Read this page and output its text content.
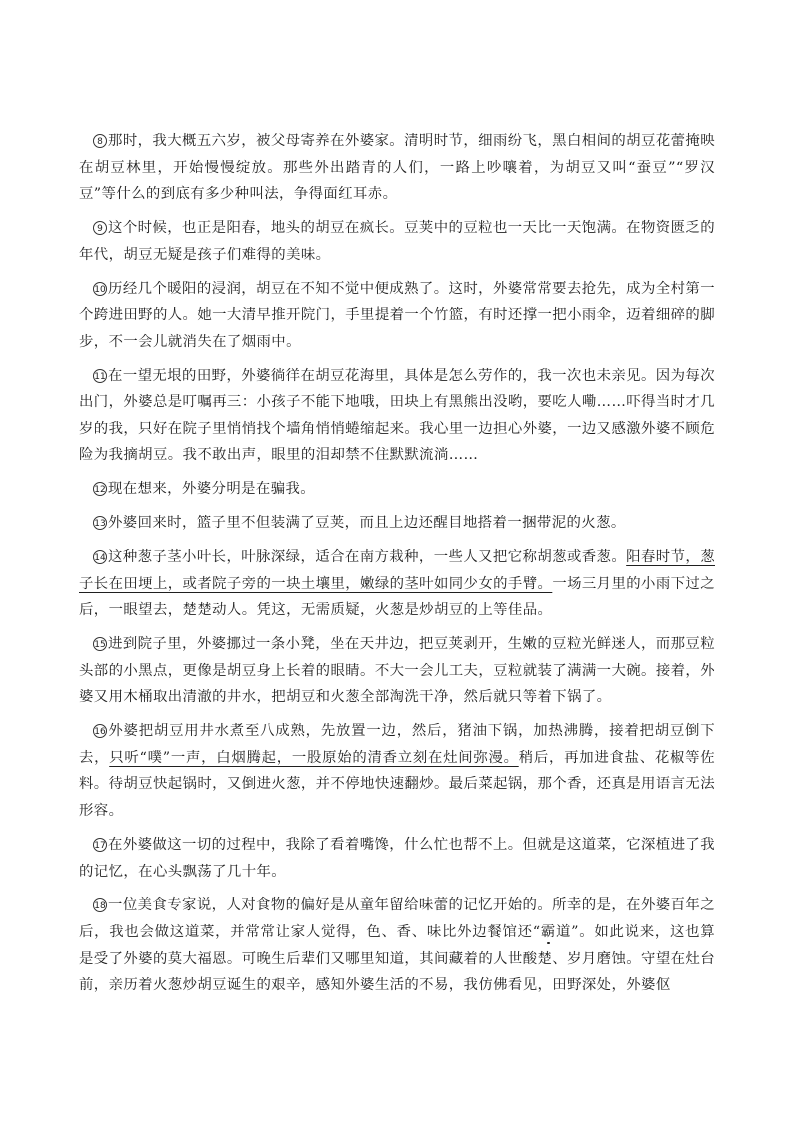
8 那时，我大概五六岁，被父母寄养在外婆家。清明时节，细雨纷飞，黑白相间的胡豆花蕾掩映在胡豆林里，开始慢慢绽放。那些外出踏青的人们，一路上吵嚷着，为胡豆又叫“蚕豆”“罗汉豆”等什么的到底有多少种叫法，争得面红耳赤。

9 这个时候，也正是阳春，地头的胡豆在疯长。豆荚中的豆粒也一天比一天饱满。在物资匮乏的年代，胡豆无疑是孩子们难得的美味。

10 历经几个暖阳的浸润，胡豆在不知不觉中便成熟了。这时，外婆常常要去抢先，成为全村第一个跨进田野的人。她一大清早推开院门，手里提着一个竹篮，有时还撑一把小雨伞，迈着细碎的脚步，不一会儿就消失在了烟雨中。

11 在一望无垠的田野，外婆徜徉在胡豆花海里，具体是怎么劳作的，我一次也未亲见。因为每次出门，外婆总是叮嘱再三：小孩子不能下地哦，田块上有黑熊出没哟，要吃人嘞……吓得当时才几岁的我，只好在院子里悄悄找个墙角悄悄蜷缩起来。我心里一边担心外婆，一边又感激外婆不顾危险为我摘胡豆。我不敢出声，眼里的泪却禁不住默默流淌……

12 现在想来，外婆分明是在骗我。

13 外婆回来时，篮子里不但装满了豆荚，而且上边还醒目地搭着一捆带泥的火葱。

14 这种葱子茎小叶长，叶脉深绿，适合在南方栽种，一些人又把它称胡葱或香葱。阳春时节，葱子长在田埂上，或者院子旁的一块土壤里，嫩绿的茎叶如同少女的手臂。一场三月里的小雨下过之后，一眼望去，楚楚动人。凭这，无需质疑，火葱是炒胡豆的上等佳品。

15 进到院子里，外婆挪过一条小凳，坐在天井边，把豆荚剥开，生嫩的豆粒光鲜迷人，而那豆粒头部的小黑点，更像是胡豆身上长着的眼睛。不大一会儿工夫，豆粒就装了满满一大碗。接着，外婆又用木桶取出清澈的井水，把胡豆和火葱全部淘洗干净，然后就只等着下锅了。

16 外婆把胡豆用井水煮至八成熟，先放置一边，然后，猪油下锅，加热沸腾，接着把胡豆倒下去，只听“噗”一声，白烟腾起，一股原始的清香立刻在灶间弥漫。稍后，再加进食盐、花椒等佐料。待胡豆快起锅时，又倒进火葱，并不停地快速翻炒。最后菜起锅，那个香，还真是用语言无法形容。

17 在外婆做这一切的过程中，我除了看着嘴馋，什么忙也帮不上。但就是这道菜，它深植进了我的记忆，在心头飘荡了几十年。

18 一位美食专家说，人对食物的偏好是从童年留给味蕾的记忆开始的。所幸的是，在外婆百年之后，我也会做这道菜，并常常让家人觉得，色、香、味比外边餐馆还“霸道”。如此说来，这也算是受了外婆的莫大福恩。可晚生后辈们又哪里知道，其间藏着的人世酸楚、岁月磨蚀。守望在灶台前，亲历着火葱炒胡豆诞生的艰辛，感知外婆生活的不易，我仿佛看见，田野深处，外婆伛
